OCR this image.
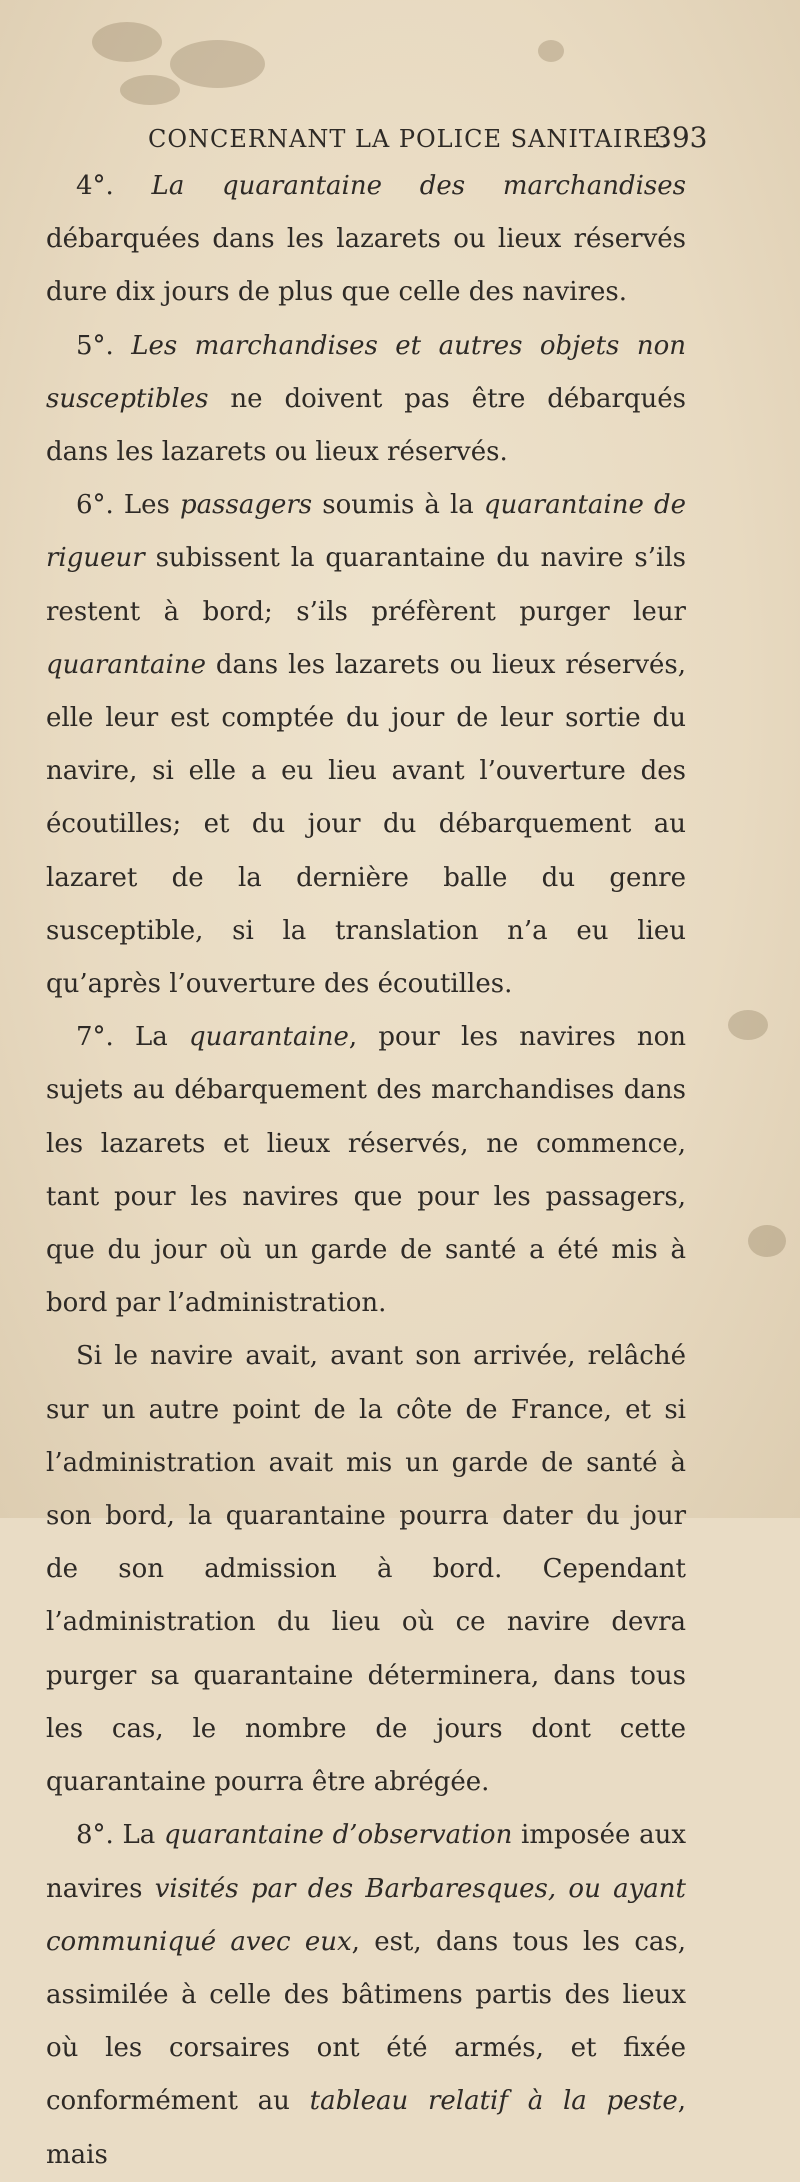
CONCERNANT LA POLICE SANITAIRE.
393

4°. La quarantaine des marchandises débarquées dans les lazarets ou lieux réservés dure dix jours de plus que celle des navires.

5°. Les marchandises et autres objets non susceptibles ne doivent pas être débarqués dans les lazarets ou lieux réservés.

6°. Les passagers soumis à la quarantaine de rigueur subissent la quarantaine du navire s’ils restent à bord; s’ils préfèrent purger leur quarantaine dans les lazarets ou lieux réservés, elle leur est comptée du jour de leur sortie du navire, si elle a eu lieu avant l’ouverture des écoutilles; et du jour du débarquement au lazaret de la dernière balle du genre susceptible, si la translation n’a eu lieu qu’après l’ouverture des écoutilles.

7°. La quarantaine, pour les navires non sujets au débarquement des marchandises dans les lazarets et lieux réservés, ne commence, tant pour les navires que pour les passagers, que du jour où un garde de santé a été mis à bord par l’administration.

Si le navire avait, avant son arrivée, relâché sur un autre point de la côte de France, et si l’administration avait mis un garde de santé à son bord, la quarantaine pourra dater du jour de son admission à bord. Cependant l’administration du lieu où ce navire devra purger sa quarantaine déterminera, dans tous les cas, le nombre de jours dont cette quarantaine pourra être abrégée.

8°. La quarantaine d’observation imposée aux navires visités par des Barbaresques, ou ayant communiqué avec eux, est, dans tous les cas, assimilée à celle des bâtimens partis des lieux où les corsaires ont été armés, et fixée conformément au tableau relatif à la peste, mais
